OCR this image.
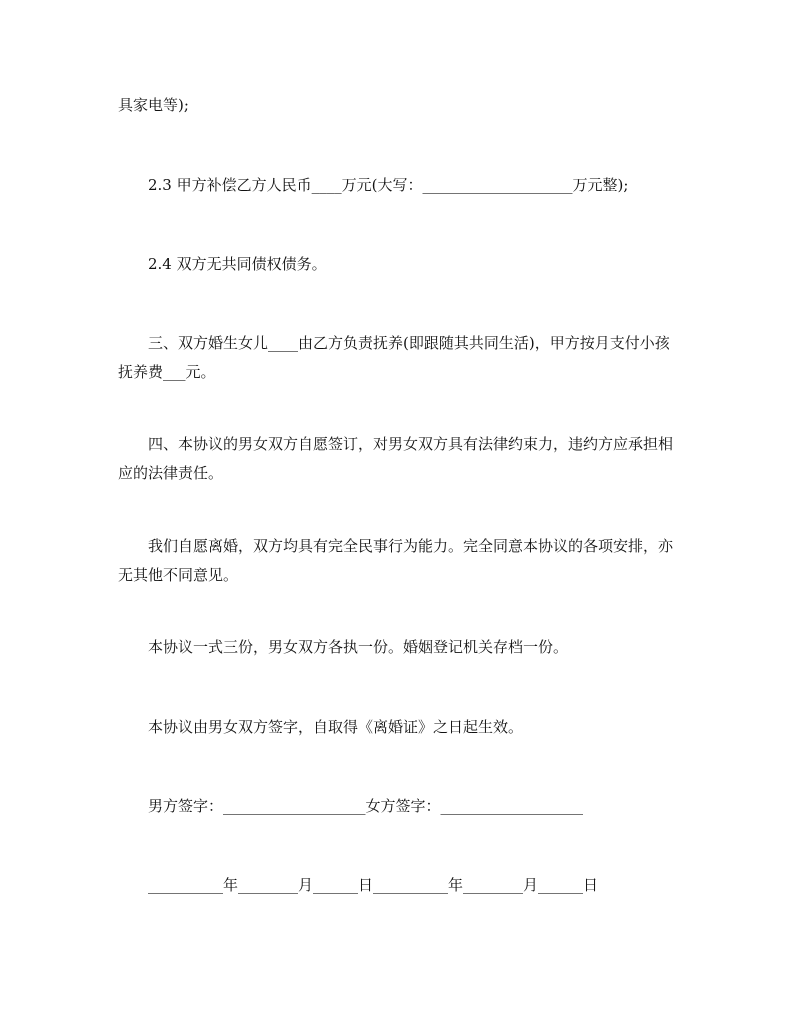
具家电等);

2.3 甲方补偿乙方人民币____万元(大写：____________________万元整);

2.4 双方无共同债权债务。

三、双方婚生女儿____由乙方负责抚养(即跟随其共同生活)，甲方按月支付小孩抚养费___元。

四、本协议的男女双方自愿签订，对男女双方具有法律约束力，违约方应承担相应的法律责任。

我们自愿离婚，双方均具有完全民事行为能力。完全同意本协议的各项安排，亦无其他不同意见。

本协议一式三份，男女双方各执一份。婚姻登记机关存档一份。

本协议由男女双方签字，自取得《离婚证》之日起生效。

男方签字：___________________女方签字：___________________

__________年________月______日__________年________月______日
